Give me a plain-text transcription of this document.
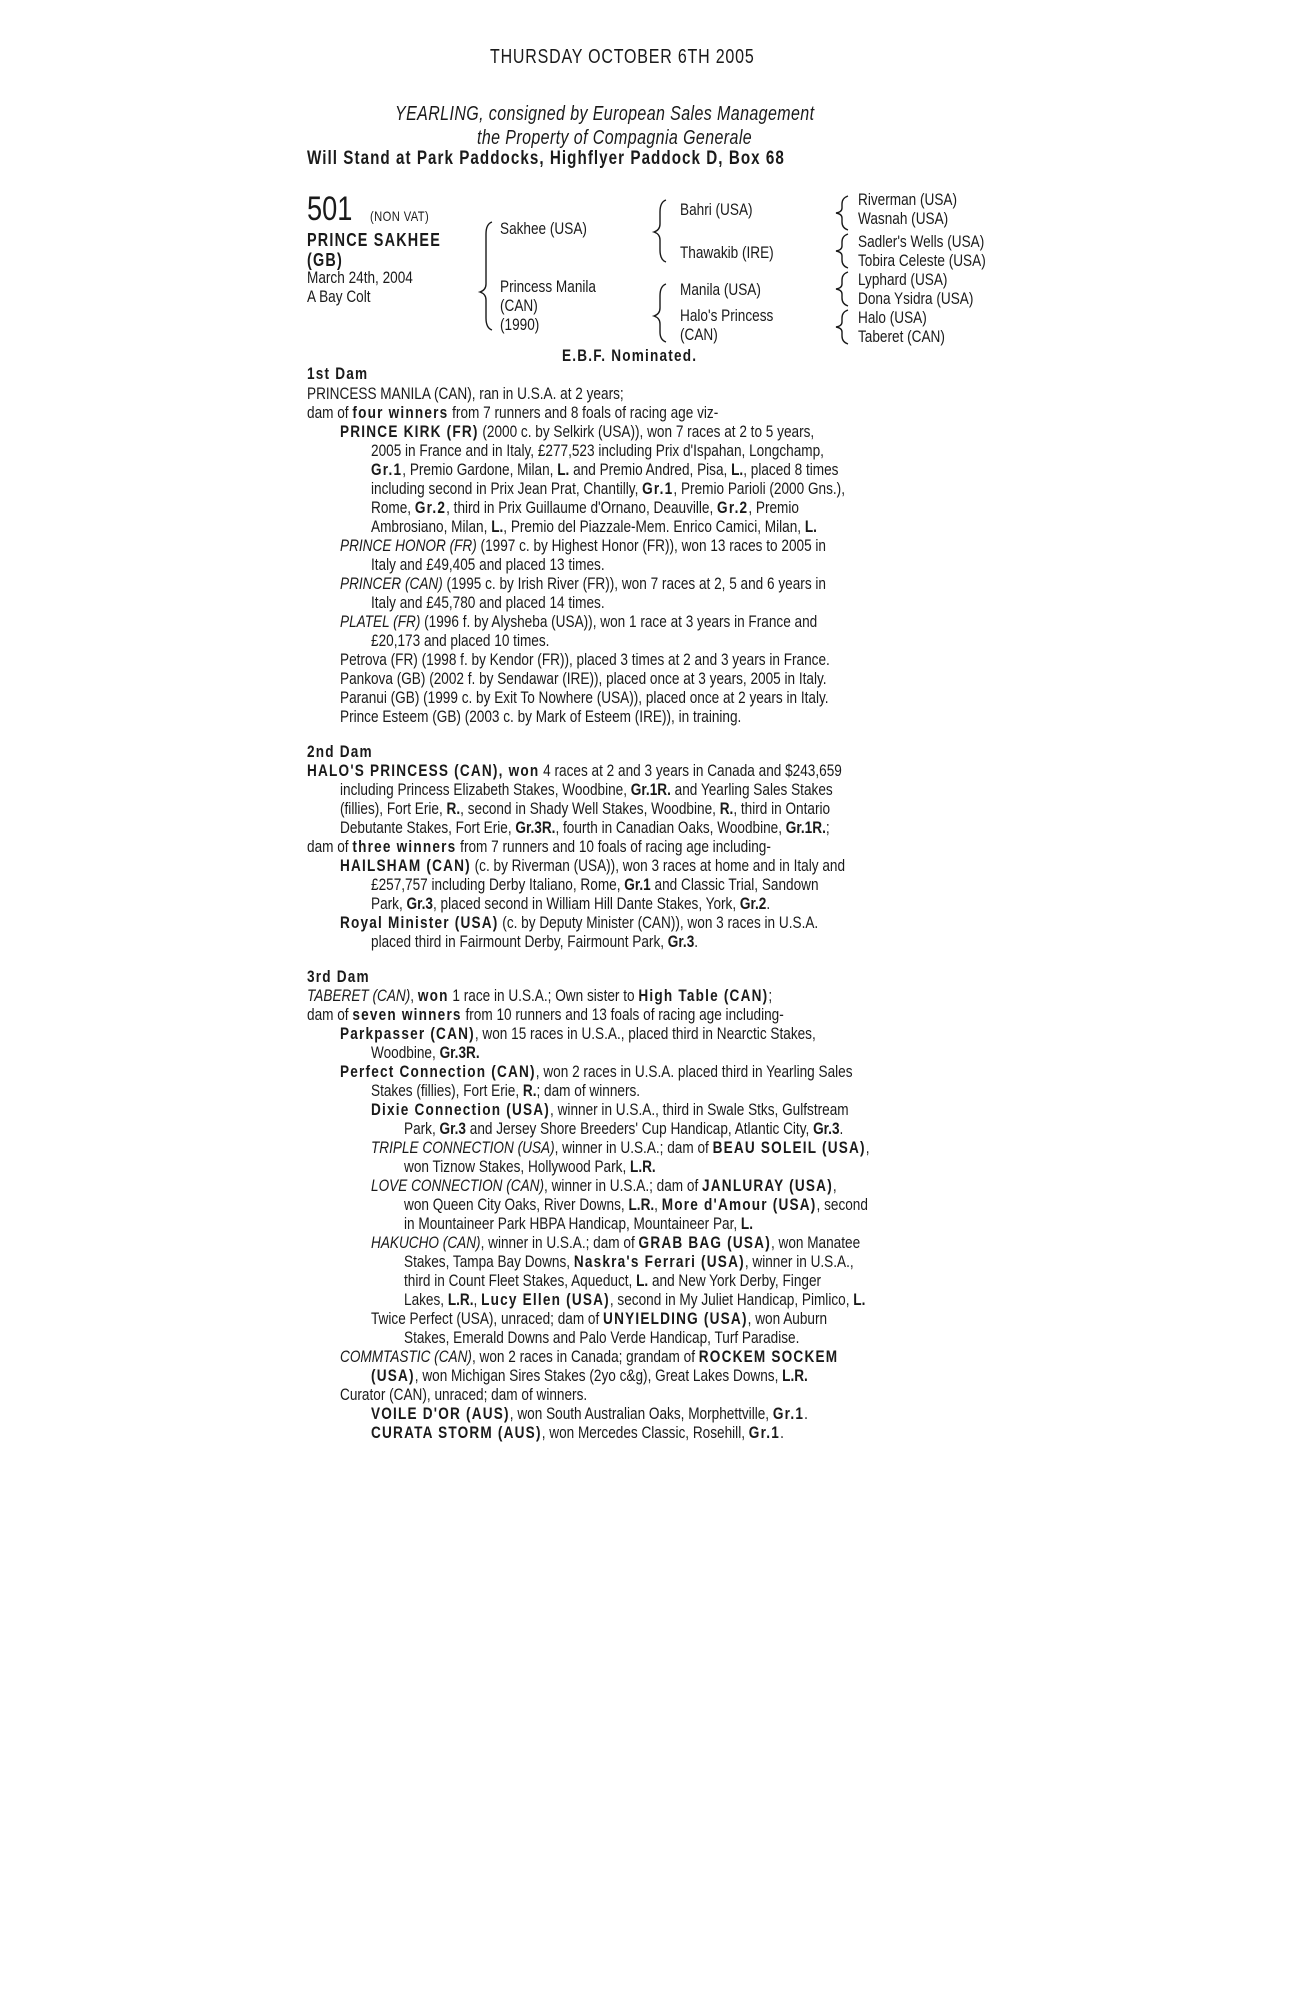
THURSDAY OCTOBER 6TH 2005
YEARLING, consigned by European Sales Management
the Property of Compagnia Generale
Will Stand at Park Paddocks, Highflyer Paddock D, Box 68
501 (NON VAT)
PRINCE SAKHEE
(GB)
March 24th, 2004
A Bay Colt
Sakhee (USA)
Princess Manila
(CAN)
(1990)
Bahri (USA)
Thawakib (IRE)
Manila (USA)
Halo's Princess
(CAN)
Riverman (USA)
Wasnah (USA)
Sadler's Wells (USA)
Tobira Celeste (USA)
Lyphard (USA)
Dona Ysidra (USA)
Halo (USA)
Taberet (CAN)
E.B.F. Nominated.
1st Dam
PRINCESS MANILA (CAN), ran in U.S.A. at 2 years;
dam of four winners from 7 runners and 8 foals of racing age viz-
PRINCE KIRK (FR) (2000 c. by Selkirk (USA)), won 7 races at 2 to 5 years,
2005 in France and in Italy, £277,523 including Prix d'Ispahan, Longchamp,
Gr.1, Premio Gardone, Milan, L. and Premio Andred, Pisa, L., placed 8 times
including second in Prix Jean Prat, Chantilly, Gr.1, Premio Parioli (2000 Gns.),
Rome, Gr.2, third in Prix Guillaume d'Ornano, Deauville, Gr.2, Premio
Ambrosiano, Milan, L., Premio del Piazzale-Mem. Enrico Camici, Milan, L.
PRINCE HONOR (FR) (1997 c. by Highest Honor (FR)), won 13 races to 2005 in
Italy and £49,405 and placed 13 times.
PRINCER (CAN) (1995 c. by Irish River (FR)), won 7 races at 2, 5 and 6 years in
Italy and £45,780 and placed 14 times.
PLATEL (FR) (1996 f. by Alysheba (USA)), won 1 race at 3 years in France and
£20,173 and placed 10 times.
Petrova (FR) (1998 f. by Kendor (FR)), placed 3 times at 2 and 3 years in France.
Pankova (GB) (2002 f. by Sendawar (IRE)), placed once at 3 years, 2005 in Italy.
Paranui (GB) (1999 c. by Exit To Nowhere (USA)), placed once at 2 years in Italy.
Prince Esteem (GB) (2003 c. by Mark of Esteem (IRE)), in training.
2nd Dam
HALO'S PRINCESS (CAN), won 4 races at 2 and 3 years in Canada and $243,659
including Princess Elizabeth Stakes, Woodbine, Gr.1R. and Yearling Sales Stakes
(fillies), Fort Erie, R., second in Shady Well Stakes, Woodbine, R., third in Ontario
Debutante Stakes, Fort Erie, Gr.3R., fourth in Canadian Oaks, Woodbine, Gr.1R.;
dam of three winners from 7 runners and 10 foals of racing age including-
HAILSHAM (CAN) (c. by Riverman (USA)), won 3 races at home and in Italy and
£257,757 including Derby Italiano, Rome, Gr.1 and Classic Trial, Sandown
Park, Gr.3, placed second in William Hill Dante Stakes, York, Gr.2.
Royal Minister (USA) (c. by Deputy Minister (CAN)), won 3 races in U.S.A.
placed third in Fairmount Derby, Fairmount Park, Gr.3.
3rd Dam
TABERET (CAN), won 1 race in U.S.A.; Own sister to High Table (CAN);
dam of seven winners from 10 runners and 13 foals of racing age including-
Parkpasser (CAN), won 15 races in U.S.A., placed third in Nearctic Stakes,
Woodbine, Gr.3R.
Perfect Connection (CAN), won 2 races in U.S.A. placed third in Yearling Sales
Stakes (fillies), Fort Erie, R.; dam of winners.
Dixie Connection (USA), winner in U.S.A., third in Swale Stks, Gulfstream
Park, Gr.3 and Jersey Shore Breeders' Cup Handicap, Atlantic City, Gr.3.
TRIPLE CONNECTION (USA), winner in U.S.A.; dam of BEAU SOLEIL (USA),
won Tiznow Stakes, Hollywood Park, L.R.
LOVE CONNECTION (CAN), winner in U.S.A.; dam of JANLURAY (USA),
won Queen City Oaks, River Downs, L.R., More d'Amour (USA), second
in Mountaineer Park HBPA Handicap, Mountaineer Par, L.
HAKUCHO (CAN), winner in U.S.A.; dam of GRAB BAG (USA), won Manatee
Stakes, Tampa Bay Downs, Naskra's Ferrari (USA), winner in U.S.A.,
third in Count Fleet Stakes, Aqueduct, L. and New York Derby, Finger
Lakes, L.R., Lucy Ellen (USA), second in My Juliet Handicap, Pimlico, L.
Twice Perfect (USA), unraced; dam of UNYIELDING (USA), won Auburn
Stakes, Emerald Downs and Palo Verde Handicap, Turf Paradise.
COMMTASTIC (CAN), won 2 races in Canada; grandam of ROCKEM SOCKEM
(USA), won Michigan Sires Stakes (2yo c&g), Great Lakes Downs, L.R.
Curator (CAN), unraced; dam of winners.
VOILE D'OR (AUS), won South Australian Oaks, Morphettville, Gr.1.
CURATA STORM (AUS), won Mercedes Classic, Rosehill, Gr.1.
